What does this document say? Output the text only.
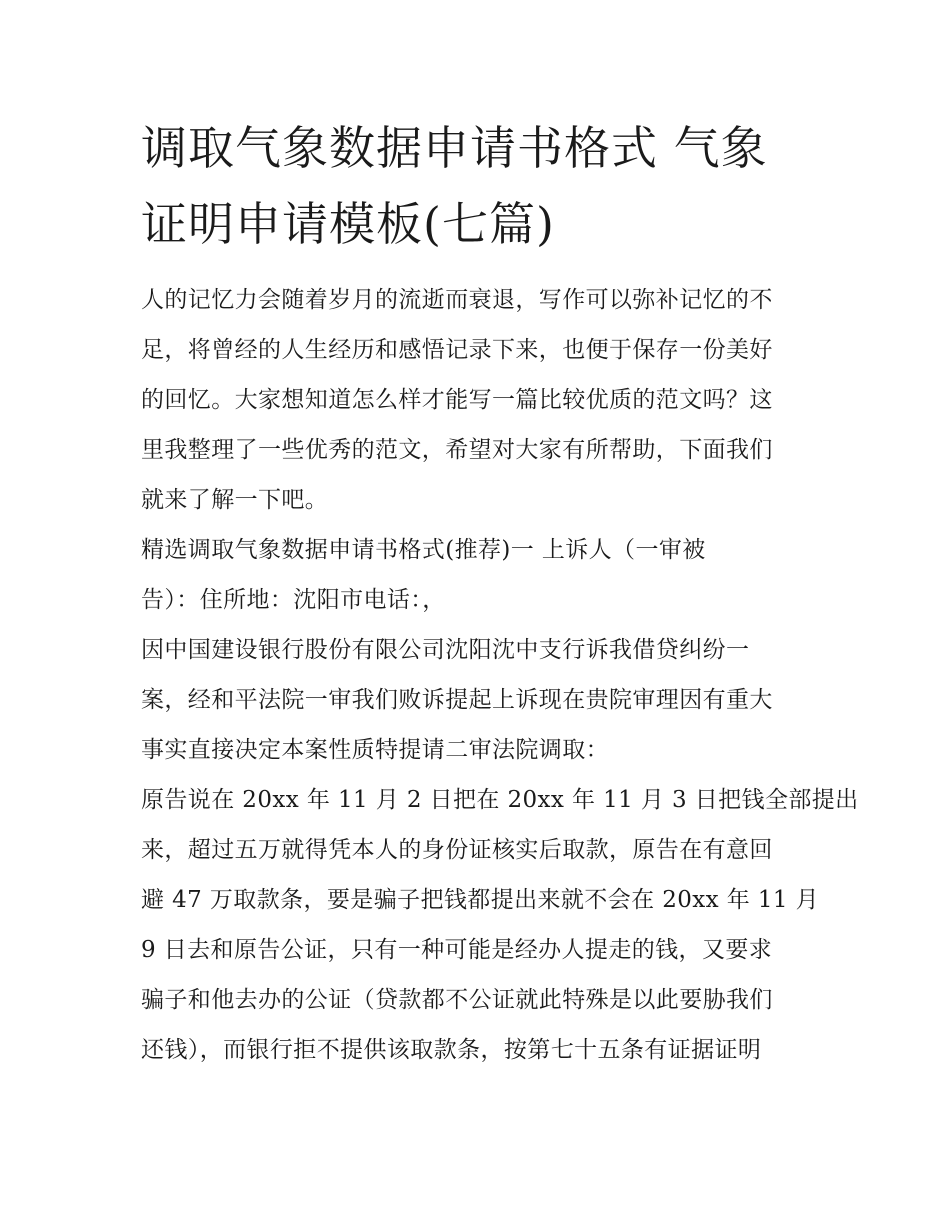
调取气象数据申请书格式 气象
证明申请模板(七篇)
人的记忆力会随着岁月的流逝而衰退，写作可以弥补记忆的不
足，将曾经的人生经历和感悟记录下来，也便于保存一份美好
的回忆。大家想知道怎么样才能写一篇比较优质的范文吗？这
里我整理了一些优秀的范文，希望对大家有所帮助，下面我们
就来了解一下吧。
精选调取气象数据申请书格式(推荐)一 上诉人（一审被
告）：住所地：沈阳市电话：，
因中国建设银行股份有限公司沈阳沈中支行诉我借贷纠纷一
案，经和平法院一审我们败诉提起上诉现在贵院审理因有重大
事实直接决定本案性质特提请二审法院调取：
原告说在 20xx 年 11 月 2 日把在 20xx 年 11 月 3 日把钱全部提出
来，超过五万就得凭本人的身份证核实后取款，原告在有意回
避 47 万取款条，要是骗子把钱都提出来就不会在 20xx 年 11 月
9 日去和原告公证，只有一种可能是经办人提走的钱，又要求
骗子和他去办的公证（贷款都不公证就此特殊是以此要胁我们
还钱），而银行拒不提供该取款条，按第七十五条有证据证明
